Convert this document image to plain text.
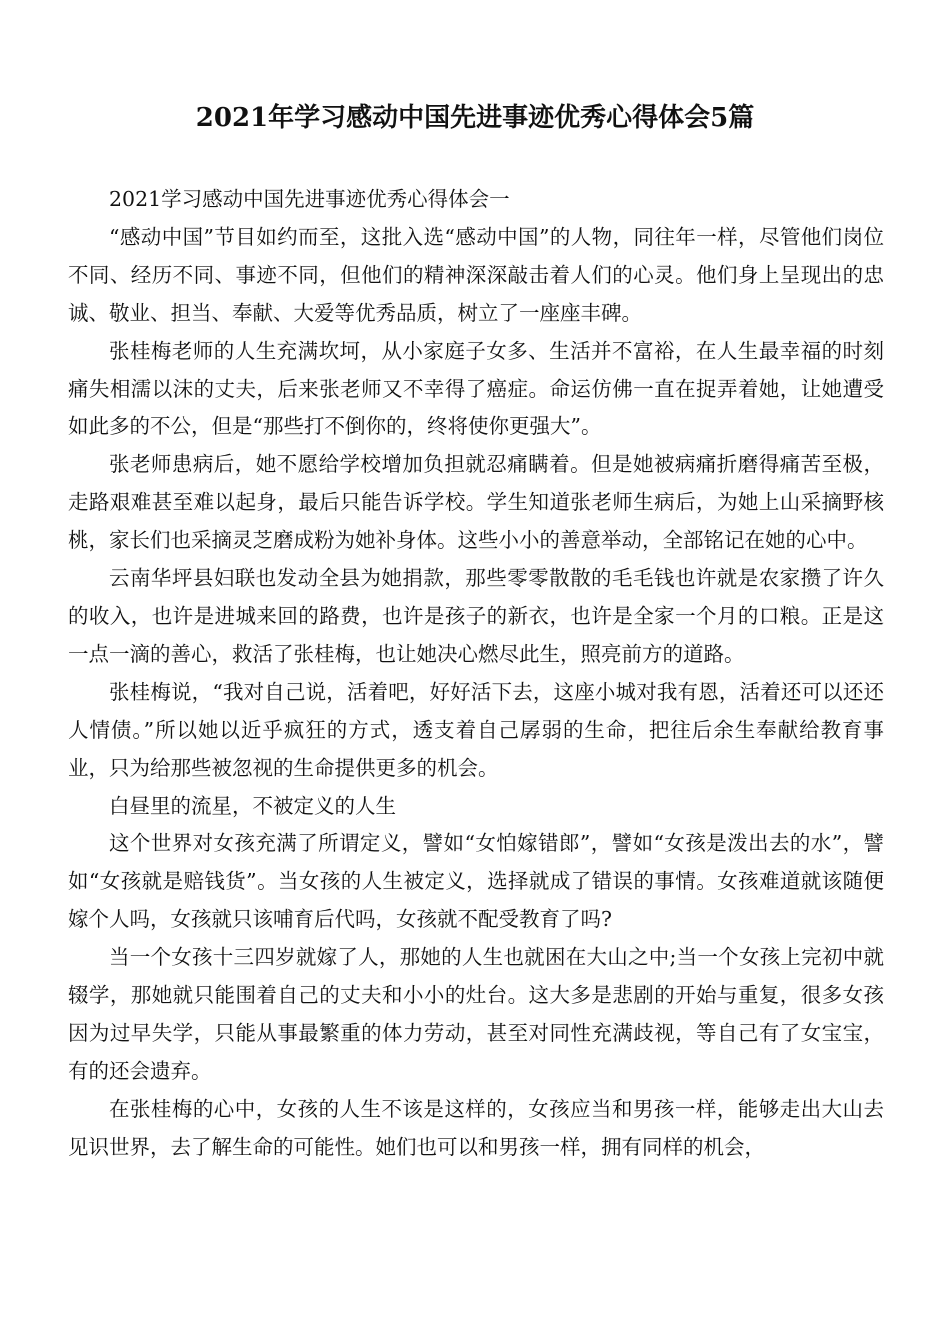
2021年学习感动中国先进事迹优秀心得体会5篇

2021学习感动中国先进事迹优秀心得体会一

“感动中国”节目如约而至，这批入选“感动中国”的人物，同往年一样，尽管他们岗位不同、经历不同、事迹不同，但他们的精神深深敲击着人们的心灵。他们身上呈现出的忠诚、敬业、担当、奉献、大爱等优秀品质，树立了一座座丰碑。

张桂梅老师的人生充满坎坷，从小家庭子女多、生活并不富裕，在人生最幸福的时刻痛失相濡以沫的丈夫，后来张老师又不幸得了癌症。命运仿佛一直在捉弄着她，让她遭受如此多的不公，但是“那些打不倒你的，终将使你更强大”。

张老师患病后，她不愿给学校增加负担就忍痛瞒着。但是她被病痛折磨得痛苦至极，走路艰难甚至难以起身，最后只能告诉学校。学生知道张老师生病后，为她上山采摘野核桃，家长们也采摘灵芝磨成粉为她补身体。这些小小的善意举动，全部铭记在她的心中。

云南华坪县妇联也发动全县为她捐款，那些零零散散的毛毛钱也许就是农家攒了许久的收入，也许是进城来回的路费，也许是孩子的新衣，也许是全家一个月的口粮。正是这一点一滴的善心，救活了张桂梅，也让她决心燃尽此生，照亮前方的道路。

张桂梅说，“我对自己说，活着吧，好好活下去，这座小城对我有恩，活着还可以还还人情债。”所以她以近乎疯狂的方式，透支着自己孱弱的生命，把往后余生奉献给教育事业，只为给那些被忽视的生命提供更多的机会。

白昼里的流星，不被定义的人生

这个世界对女孩充满了所谓定义，譬如“女怕嫁错郎”，譬如“女孩是泼出去的水”，譬如“女孩就是赔钱货”。当女孩的人生被定义，选择就成了错误的事情。女孩难道就该随便嫁个人吗，女孩就只该哺育后代吗，女孩就不配受教育了吗?

当一个女孩十三四岁就嫁了人，那她的人生也就困在大山之中;当一个女孩上完初中就辍学，那她就只能围着自己的丈夫和小小的灶台。这大多是悲剧的开始与重复，很多女孩因为过早失学，只能从事最繁重的体力劳动，甚至对同性充满歧视，等自己有了女宝宝，有的还会遗弃。

在张桂梅的心中，女孩的人生不该是这样的，女孩应当和男孩一样，能够走出大山去见识世界，去了解生命的可能性。她们也可以和男孩一样，拥有同样的机会，
